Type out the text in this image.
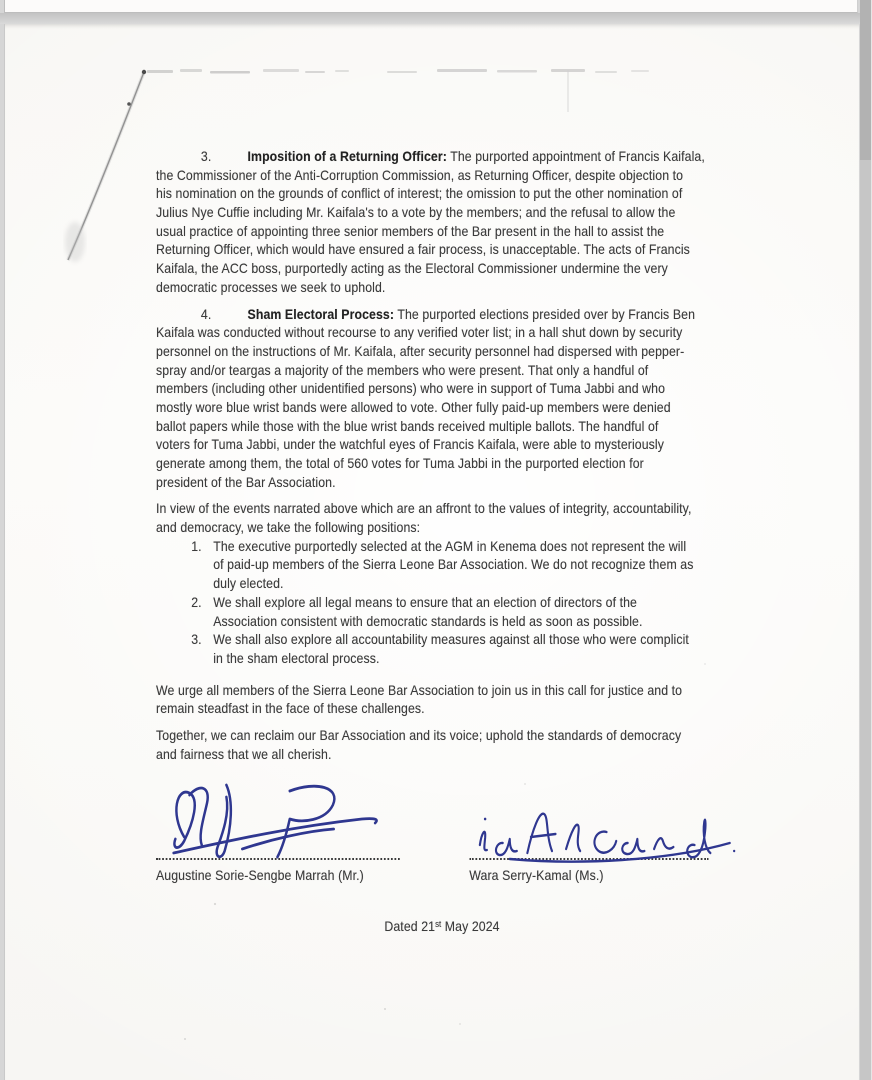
3.	Imposition of a Returning Officer: The purported appointment of Francis Kaifala,
the Commissioner of the Anti-Corruption Commission, as Returning Officer, despite objection to
his nomination on the grounds of conflict of interest; the omission to put the other nomination of
Julius Nye Cuffie including Mr. Kaifala's to a vote by the members; and the refusal to allow the
usual practice of appointing three senior members of the Bar present in the hall to assist the
Returning Officer, which would have ensured a fair process, is unacceptable. The acts of Francis
Kaifala, the ACC boss, purportedly acting as the Electoral Commissioner undermine the very
democratic processes we seek to uphold.
4.	Sham Electoral Process: The purported elections presided over by Francis Ben
Kaifala was conducted without recourse to any verified voter list; in a hall shut down by security
personnel on the instructions of Mr. Kaifala, after security personnel had dispersed with pepper-
spray and/or teargas a majority of the members who were present. That only a handful of
members (including other unidentified persons) who were in support of Tuma Jabbi and who
mostly wore blue wrist bands were allowed to vote. Other fully paid-up members were denied
ballot papers while those with the blue wrist bands received multiple ballots. The handful of
voters for Tuma Jabbi, under the watchful eyes of Francis Kaifala, were able to mysteriously
generate among them, the total of 560 votes for Tuma Jabbi in the purported election for
president of the Bar Association.
In view of the events narrated above which are an affront to the values of integrity, accountability,
and democracy, we take the following positions:
1. The executive purportedly selected at the AGM in Kenema does not represent the will
of paid-up members of the Sierra Leone Bar Association. We do not recognize them as
duly elected.
2. We shall explore all legal means to ensure that an election of directors of the
Association consistent with democratic standards is held as soon as possible.
3. We shall also explore all accountability measures against all those who were complicit
in the sham electoral process.
We urge all members of the Sierra Leone Bar Association to join us in this call for justice and to
remain steadfast in the face of these challenges.
Together, we can reclaim our Bar Association and its voice; uphold the standards of democracy
and fairness that we all cherish.
Augustine Sorie-Sengbe Marrah (Mr.)	Wara Serry-Kamal (Ms.)
Dated 21st May 2024
